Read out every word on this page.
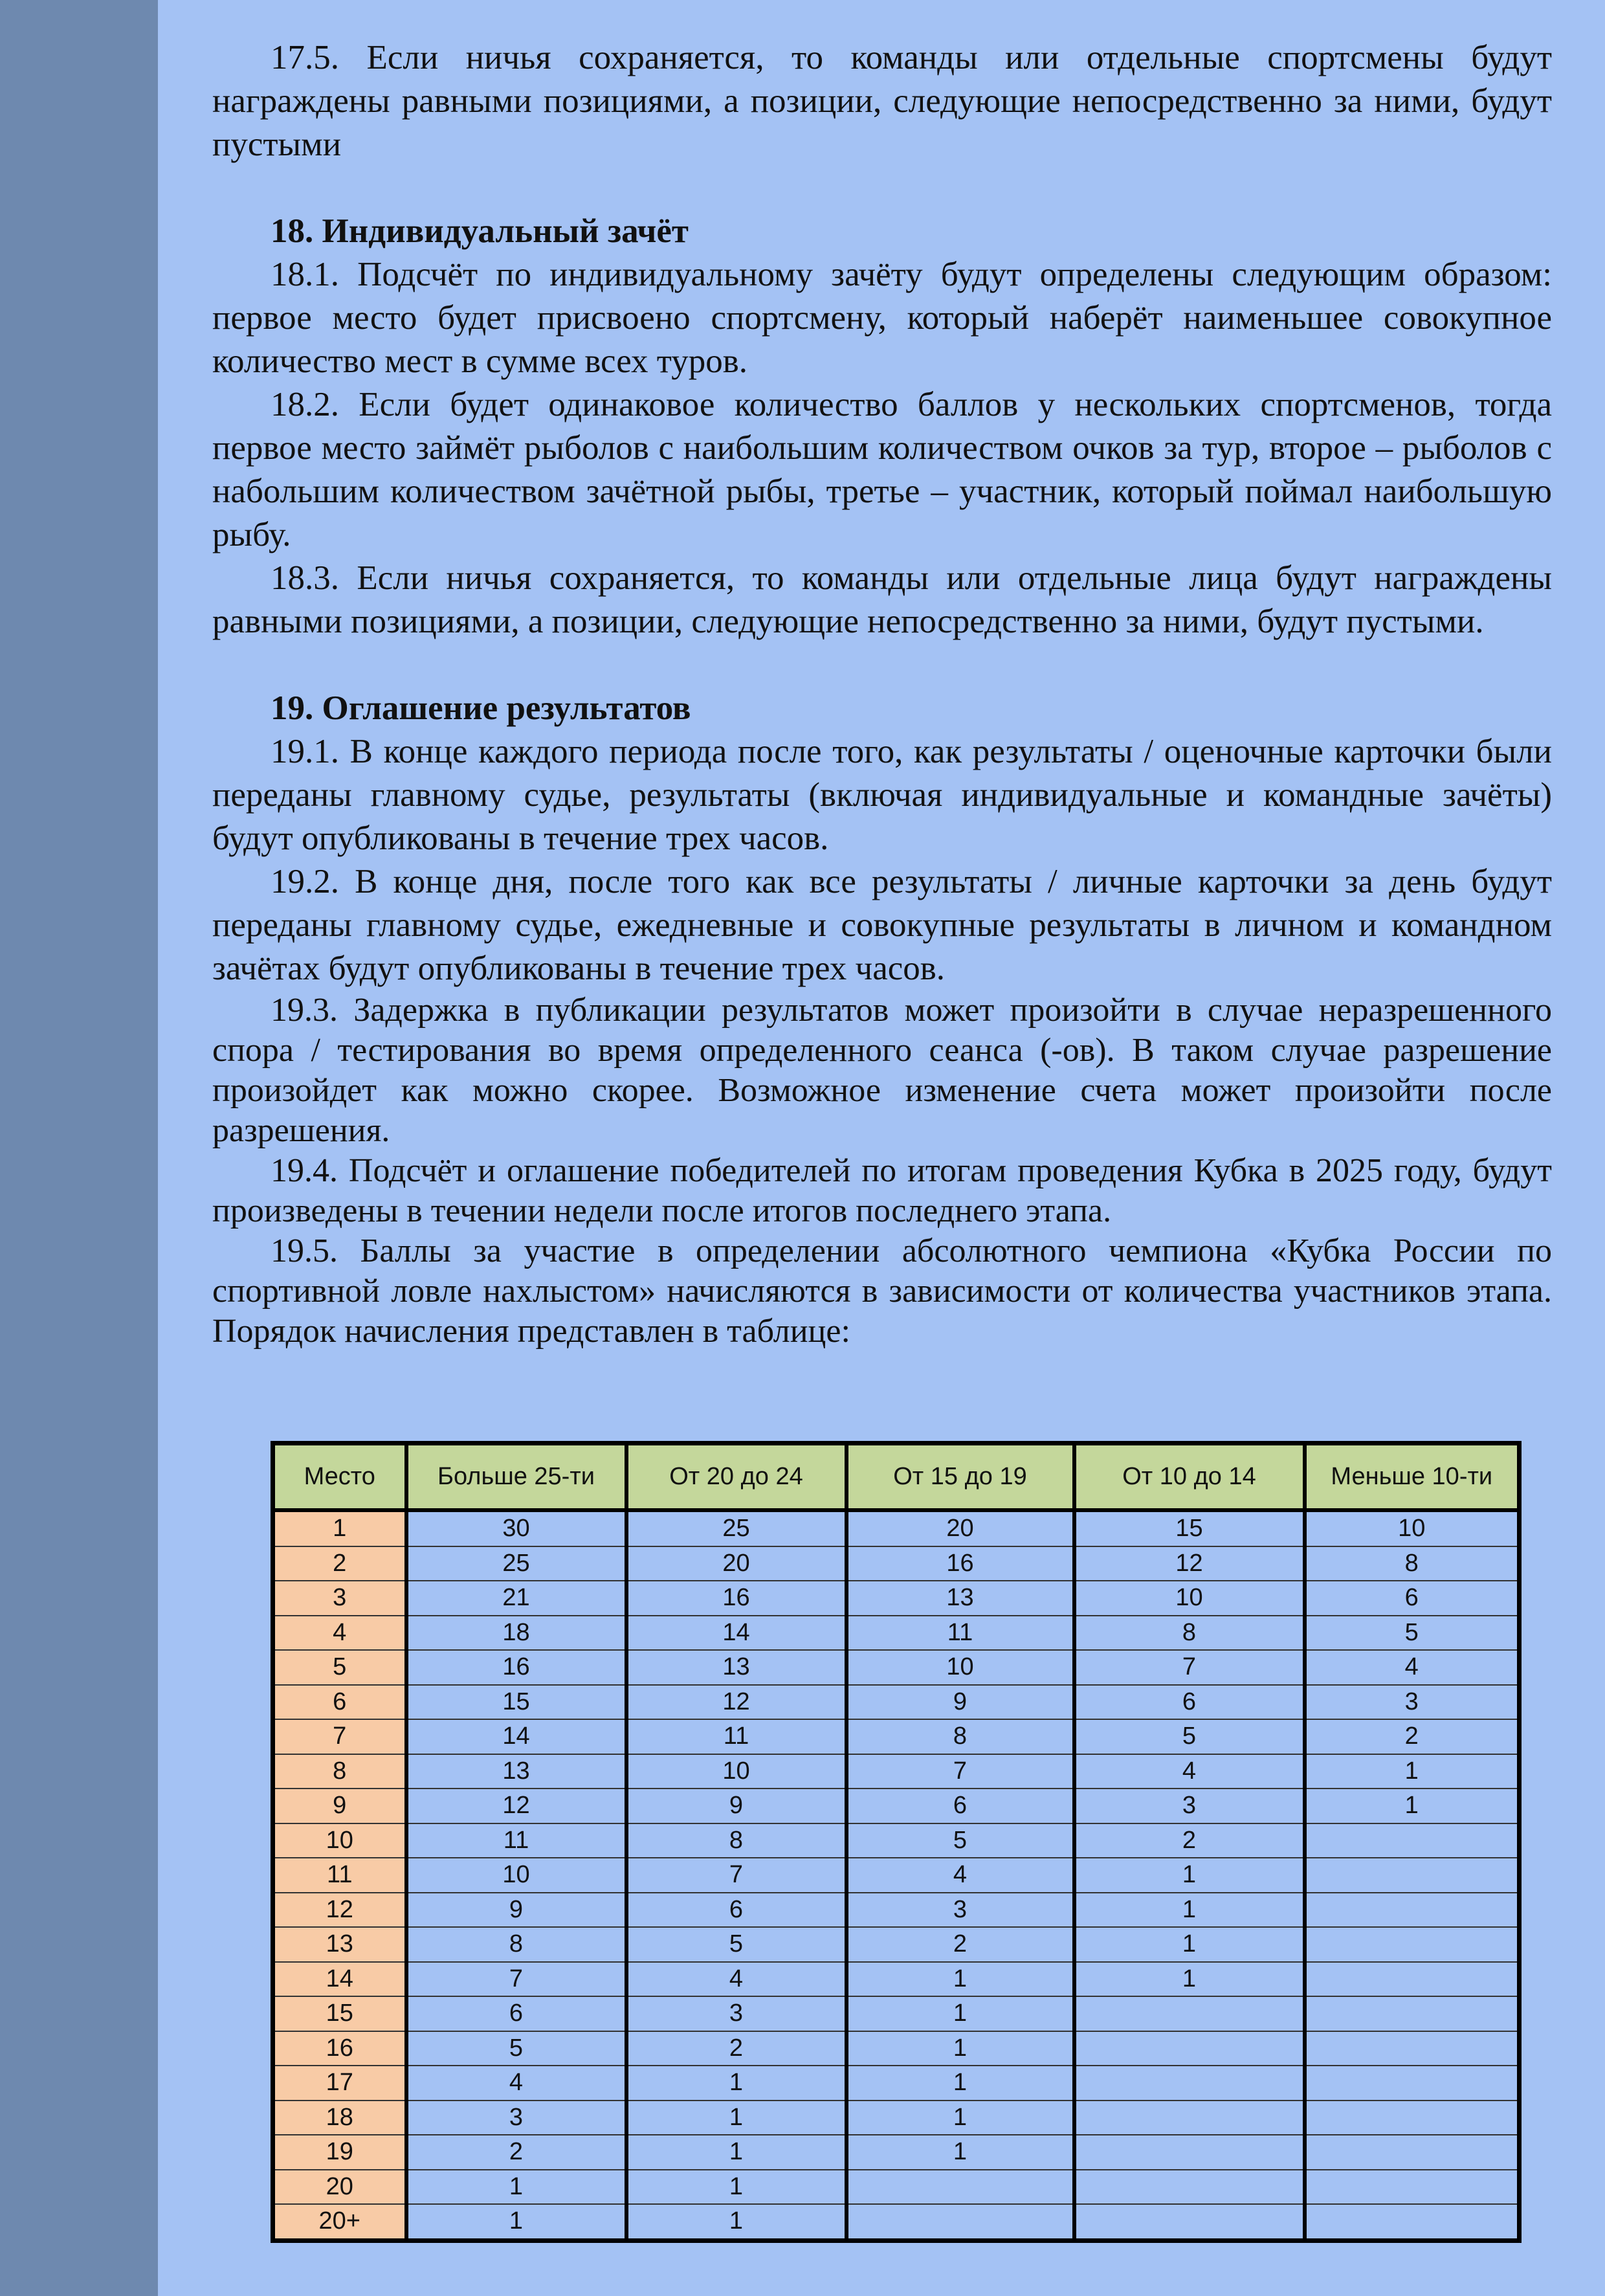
17.5. Если ничья сохраняется, то команды или отдельные спортсмены будут награждены равными позициями, а позиции, следующие непосредственно за ними, будут пустыми

18. Индивидуальный зачёт

18.1. Подсчёт по индивидуальному зачёту будут определены следующим образом: первое место будет присвоено спортсмену, который наберёт наименьшее совокупное количество мест в сумме всех туров.

18.2. Если будет одинаковое количество баллов у нескольких спортсменов, тогда первое место займёт рыболов с наибольшим количеством очков за тур, второе – рыболов с набольшим количеством зачётной рыбы, третье – участник, который поймал наибольшую рыбу.

18.3. Если ничья сохраняется, то команды или отдельные лица будут награждены равными позициями, а позиции, следующие непосредственно за ними, будут пустыми.

19. Оглашение результатов

19.1. В конце каждого периода после того, как результаты / оценочные карточки были переданы главному судье, результаты (включая индивидуальные и командные зачёты) будут опубликованы в течение трех часов.

19.2. В конце дня, после того как все результаты / личные карточки за день будут переданы главному судье, ежедневные и совокупные результаты в личном и командном зачётах будут опубликованы в течение трех часов.

19.3. Задержка в публикации результатов может произойти в случае неразрешенного спора / тестирования во время определенного сеанса (-ов). В таком случае разрешение произойдет как можно скорее. Возможное изменение счета может произойти после разрешения.

19.4. Подсчёт и оглашение победителей по итогам проведения Кубка в 2025 году, будут произведены в течении недели после итогов последнего этапа.

19.5. Баллы за участие в определении абсолютного чемпиона «Кубка России по спортивной ловле нахлыстом» начисляются в зависимости от количества участников этапа. Порядок начисления представлен в таблице:

Место	Больше 25-ти	От 20 до 24	От 15 до 19	От 10 до 14	Меньше 10-ти
1	30	25	20	15	10
2	25	20	16	12	8
3	21	16	13	10	6
4	18	14	11	8	5
5	16	13	10	7	4
6	15	12	9	6	3
7	14	11	8	5	2
8	13	10	7	4	1
9	12	9	6	3	1
10	11	8	5	2	
11	10	7	4	1	
12	9	6	3	1	
13	8	5	2	1	
14	7	4	1	1	
15	6	3	1		
16	5	2	1		
17	4	1	1		
18	3	1	1		
19	2	1	1		
20	1	1			
20+	1	1			
